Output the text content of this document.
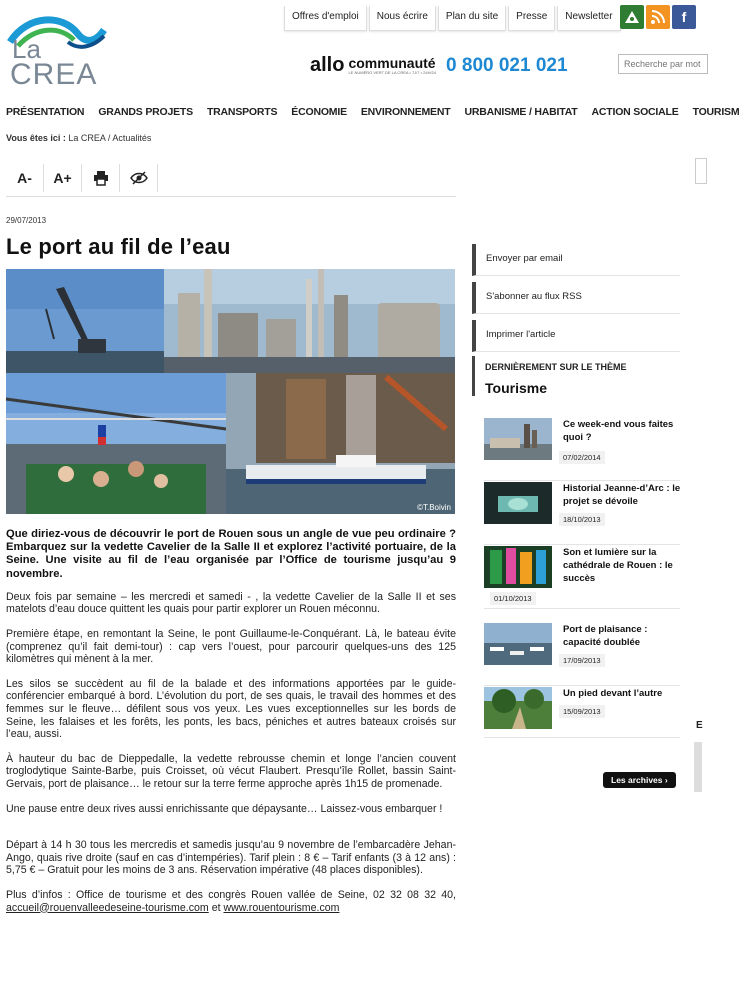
La
CREA
Offres d'emploi	Nous écrire	Plan du site	Presse	Newsletter	f
allo communauté
LE NUMÉRO VERT DE LA CREA • 7J/7 • 24H/24 0 800 021 021
Recherche par mot
PRÉSENTATION GRANDS PROJETS TRANSPORTS ÉCONOMIE ENVIRONNEMENT URBANISME / HABITAT ACTION SOCIALE TOURISM
Vous êtes ici : La CREA / Actualités
A- A+
29/07/2013
Le port au fil de l’eau
©T.Boivin

Que diriez-vous de découvrir le port de Rouen sous un angle de vue peu ordinaire ? Embarquez sur la vedette Cavelier de la Salle II et explorez l’activité portuaire, de la Seine. Une visite au fil de l’eau organisée par l’Office de tourisme jusqu’au 9 novembre.

Deux fois par semaine – les mercredi et samedi - , la vedette Cavelier de la Salle II et ses matelots d’eau douce quittent les quais pour partir explorer un Rouen méconnu.

Première étape, en remontant la Seine, le pont Guillaume-le-Conquérant. Là, le bateau évite (comprenez qu’il fait demi-tour) : cap vers l’ouest, pour parcourir quelques-uns des 125 kilomètres qui mènent à la mer.

Les silos se succèdent au fil de la balade et des informations apportées par le guide-conférencier embarqué à bord. L’évolution du port, de ses quais, le travail des hommes et des femmes sur le fleuve… défilent sous vos yeux. Les vues exceptionnelles sur les bords de Seine, les falaises et les forêts, les ponts, les bacs, péniches et autres bateaux croisés sur l’eau, aussi.

À hauteur du bac de Dieppedalle, la vedette rebrousse chemin et longe l’ancien couvent troglodytique Sainte-Barbe, puis Croisset, où vécut Flaubert. Presqu’île Rollet, bassin Saint-Gervais, port de plaisance… le retour sur la terre ferme approche après 1h15 de promenade.

Une pause entre deux rives aussi enrichissante que dépaysante… Laissez-vous embarquer !

Départ à 14 h 30 tous les mercredis et samedis jusqu’au 9 novembre de l’embarcadère Jehan-Ango, quais rive droite (sauf en cas d’intempéries). Tarif plein : 8 € – Tarif enfants (3 à 12 ans) : 5,75 € – Gratuit pour les moins de 3 ans. Réservation impérative (48 places disponibles).

Plus d’infos : Office de tourisme et des congrès Rouen vallée de Seine, 02 32 08 32 40, accueil@rouenvalleedeseine-tourisme.com et www.rouentourisme.com

Envoyer par email
S'abonner au flux RSS
Imprimer l'article
DERNIÈREMENT SUR LE THÈME
Tourisme
Ce week-end vous faites quoi ?
07/02/2014
Historial Jeanne-d’Arc : le projet se dévoile
18/10/2013
Son et lumière sur la cathédrale de Rouen : le succès
01/10/2013
Port de plaisance : capacité doublée
17/09/2013
Un pied devant l’autre
15/09/2013
Les archives ›
E
